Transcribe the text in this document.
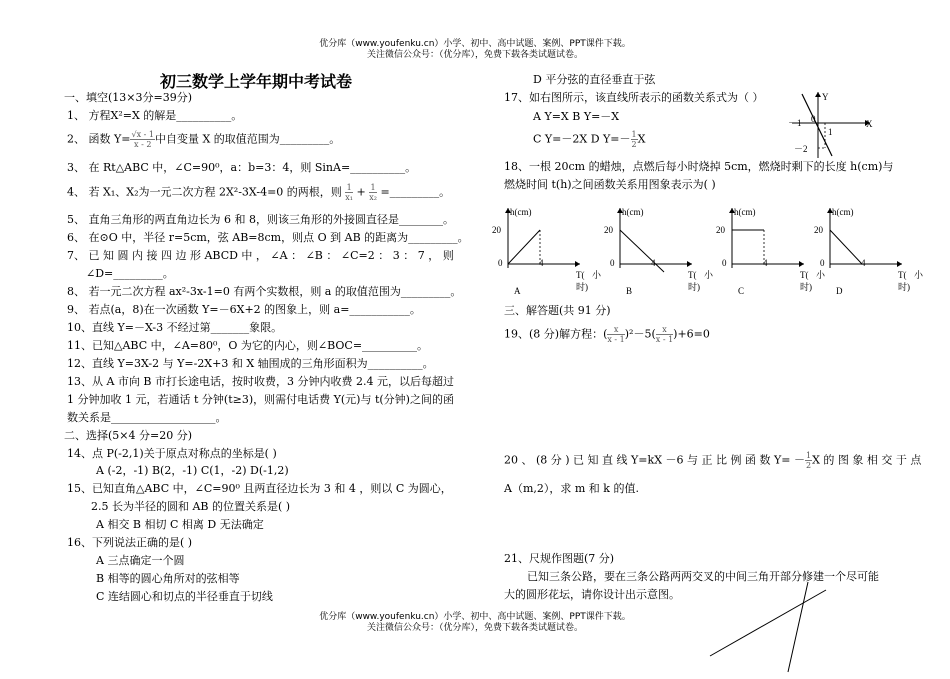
优分库（www.youfenku.cn）小学、初中、高中试题、案例、PPT课件下载。
关注微信公众号：（优分库），免费下载各类试题试卷。
初三数学上学年期中考试卷
一、填空(13×3分=39分)
1、 方程X²=X 的解是__________。
2、 函数 $Y= \frac{√x - 1}{x - 2}$ 中自变量 X 的取值范围为_________。
3、 在 Rt△ABC 中，∠C=90⁰，a：b=3：4，则 SinA=__________。
4、 若 X₁、X₂为一元二次方程 2X²-3X-4=0 的两根，则 $\frac{1}{\text{x₁}} + \frac{1}{\text{x₂}}$ =_________。
5、 直角三角形的两直角边长为 6 和 8，则该三角形的外接圆直径是________。
6、 在⊙O 中，半径 r=5cm，弦 AB=8cm，则点 O 到 AB 的距离为_________。
7、 已 知 圆 内 接 四 边 形 ABCD 中 ， ∠A ： ∠B ： ∠C=2 ： 3 ： 7 ， 则
∠D=_________。
8、 若一元二次方程 ax²-3x-1=0 有两个实数根，则 a 的取值范围为_________。
9、 若点(a，8)在一次函数 Y=－6X+2 的图象上，则 a=___________。
10、直线 Y=－X-3 不经过第_______象限。
11、已知△ABC 中，∠A=80⁰，O 为它的内心，则∠BOC=__________。
12、直线 Y=3X-2 与 Y=-2X+3 和 X 轴围成的三角形面积为__________。
13、从 A 市向 B 市打长途电话，按时收费，3 分钟内收费 2.4 元，以后每超过
1 分钟加收 1 元，若通话 t 分钟(t≥3)，则需付电话费 Y(元)与 t(分钟)之间的函
数关系是___________________。
二、选择(5×4 分=20 分)
14、点 P(-2,1)关于原点对称点的坐标是( )
A (-2，-1) B(2，-1) C(1，-2) D(-1,2)
15、已知直角△ABC 中，∠C=90⁰ 且两直径边长为 3 和 4 ，则以 C 为圆心，
2.5 长为半径的圆和 AB 的位置关系是( )
A 相交 B 相切 C 相离 D 无法确定
16、下列说法正确的是( )
A 三点确定一个圆
B 相等的圆心角所对的弦相等
C 连结圆心和切点的半径垂直于切线
D 平分弦的直径垂直于弦
17、如右图所示，该直线所表示的函数关系式为（ ）
A Y=X B Y=－X
C Y=－2X D $Y=- \frac{1}{2}$ X
Y
X
0
－1
1
－2
18、一根 20cm 的蜡烛，点燃后每小时烧掉 5cm，燃烧时剩下的长度 h(cm)与
燃烧时间 t(h)之间函数关系用图象表示为( )
h(cm)
20
0	4
T(
时)
小
A
h(cm)
20
0	4
T(
时)
小
B
h(cm)
20
0	4
T(
时)
小
C
h(cm)
20
0	4
T(
时)
小
D
三、解答题(共 91 分)
19、(8 分)解方程：( $\frac{x}{x - 1} )^2-5( \frac{x}{x - 1} )+6=0$
20 、 (8 分 ) 已 知 直 线 Y=kX －6 与 正 比 例 函 数 $Y= - \frac{1}{2}$ X 的 图 象 相 交 于 点
A（m,2），求 m 和 k 的值.
21、尺规作图题(7 分)
已知三条公路，要在三条公路两两交叉的中间三角开部分修建一个尽可能
大的圆形花坛，请你设计出示意图。
优分库（www.youfenku.cn）小学、初中、高中试题、案例、PPT课件下载。
关注微信公众号：（优分库），免费下载各类试题试卷。
